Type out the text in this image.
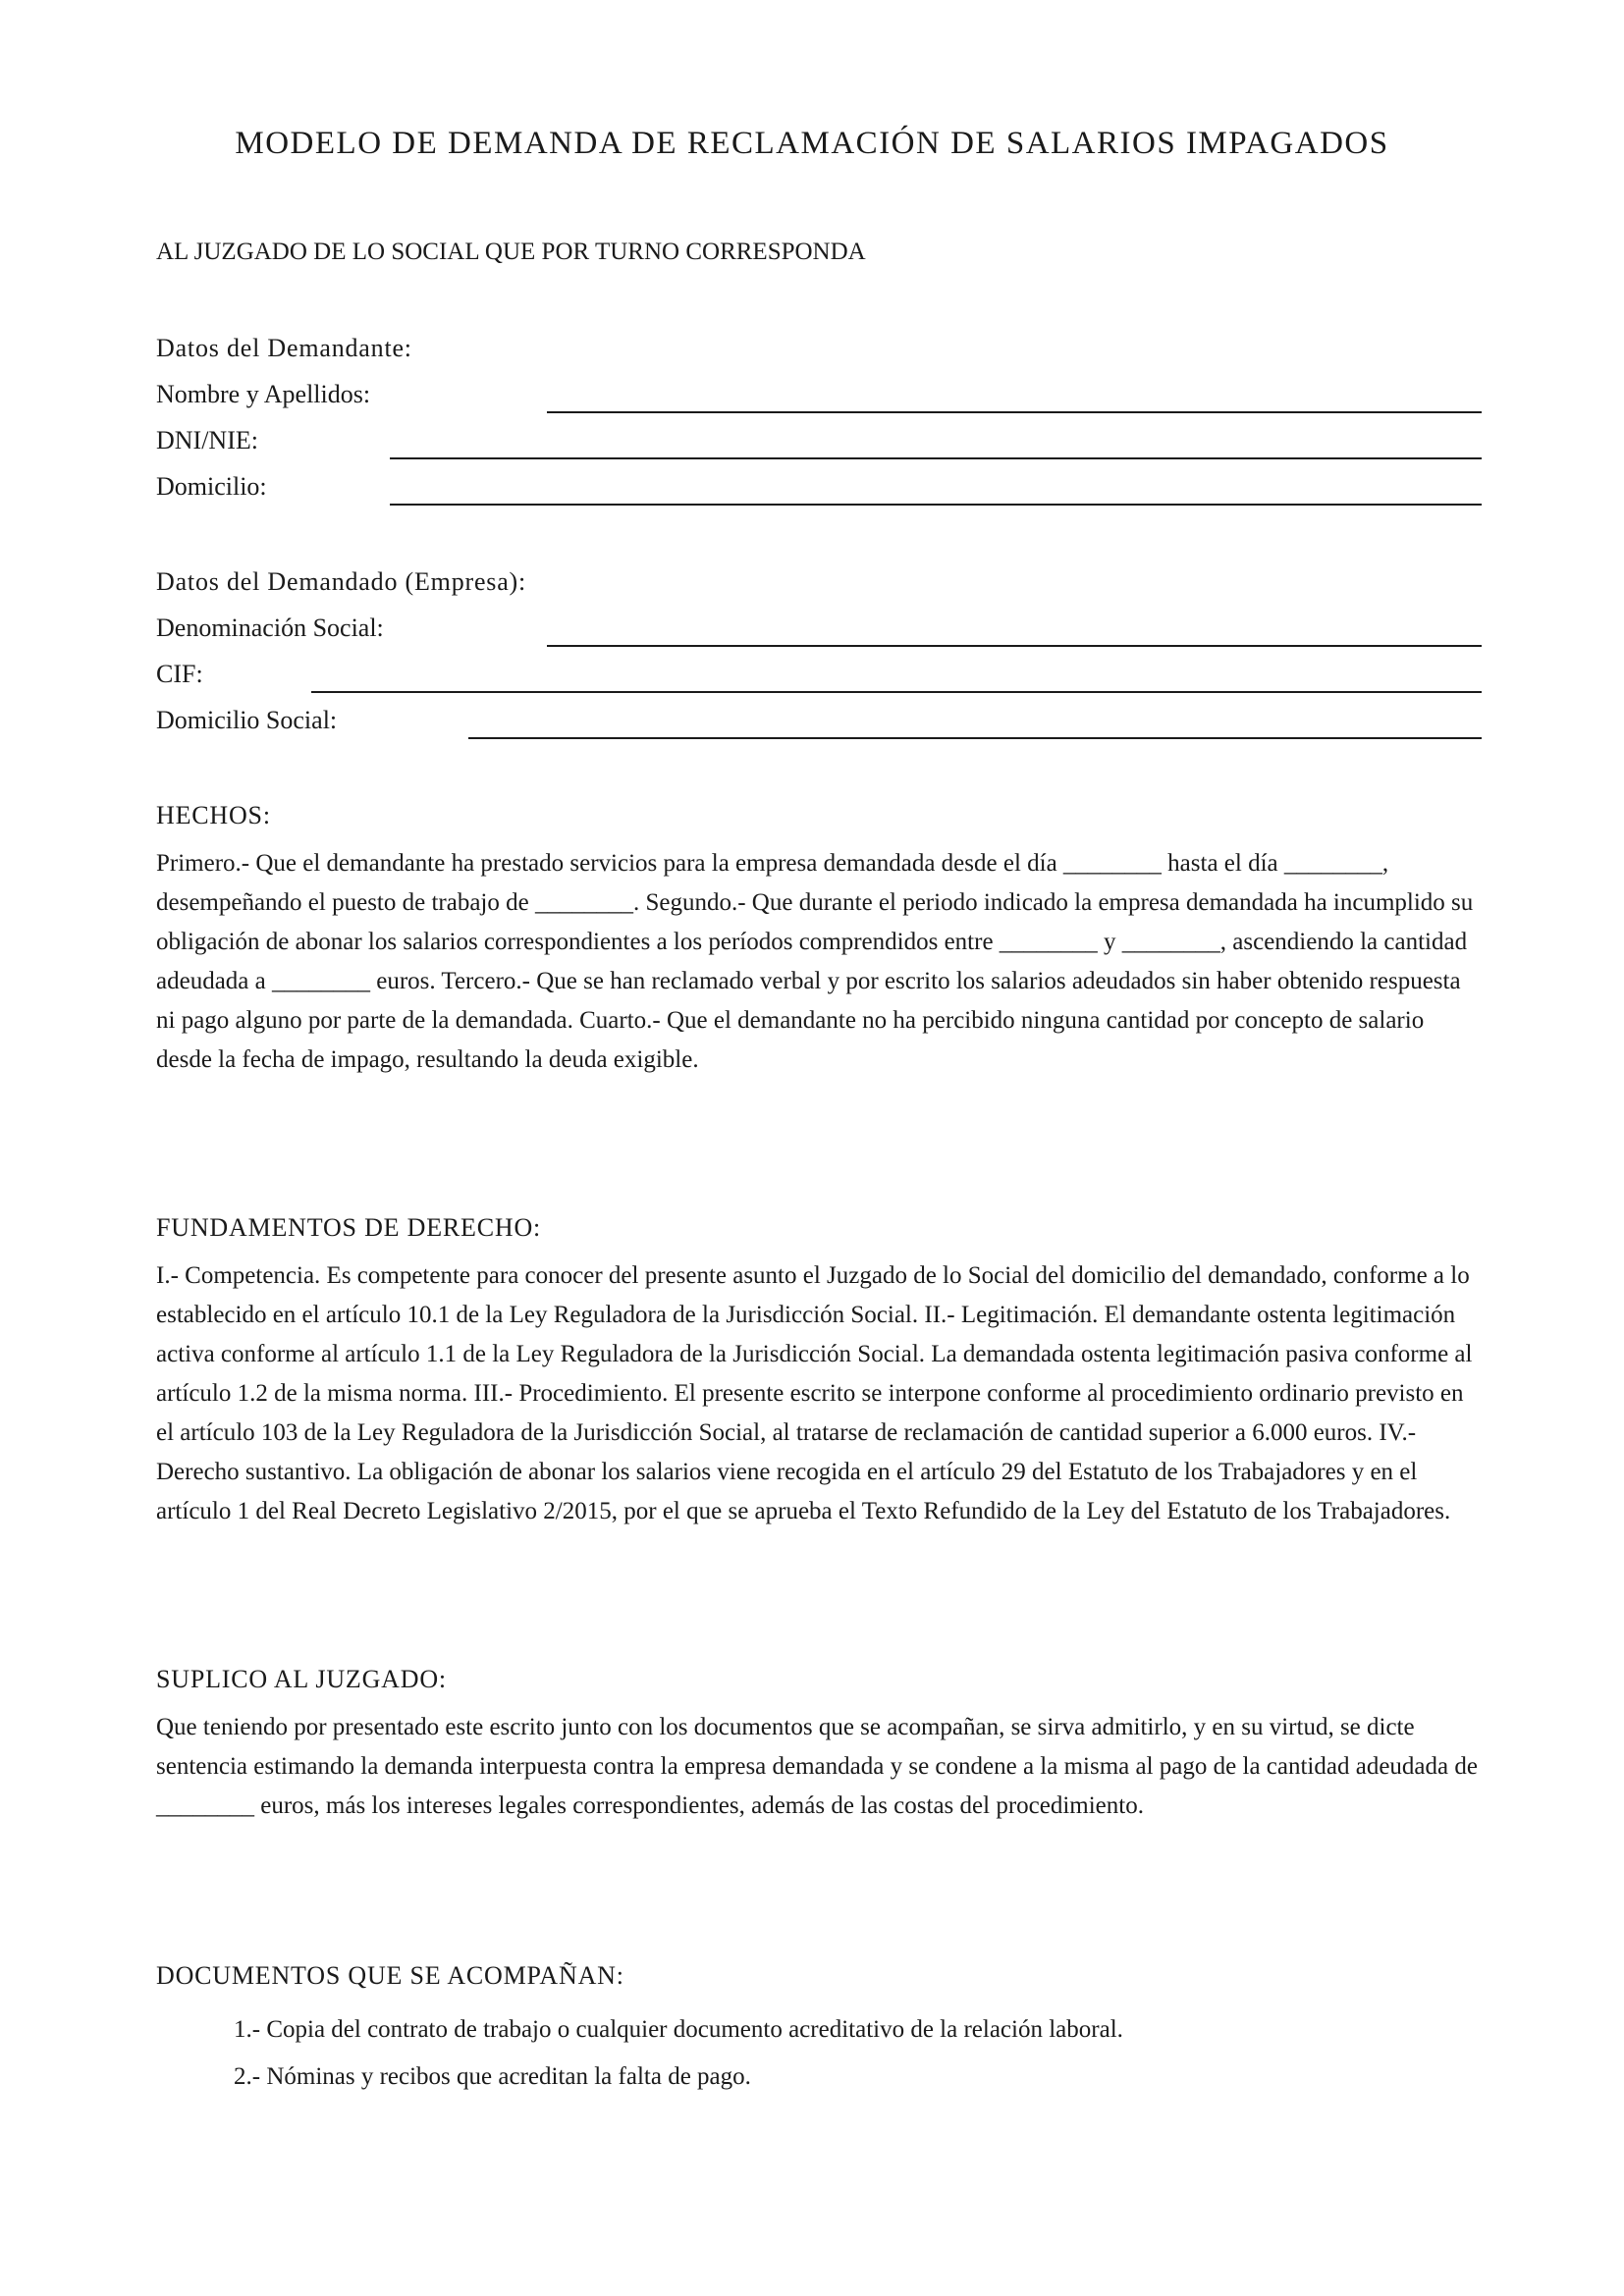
MODELO DE DEMANDA DE RECLAMACIÓN DE SALARIOS IMPAGADOS
AL JUZGADO DE LO SOCIAL QUE POR TURNO CORRESPONDA
Datos del Demandante:
Nombre y Apellidos:
DNI/NIE:
Domicilio:
Datos del Demandado (Empresa):
Denominación Social:
CIF:
Domicilio Social:
HECHOS:
Primero.- Que el demandante ha prestado servicios para la empresa demandada desde el día ________ hasta el día ________, desempeñando el puesto de trabajo de ________. Segundo.- Que durante el periodo indicado la empresa demandada ha incumplido su obligación de abonar los salarios correspondientes a los períodos comprendidos entre ________ y ________, ascendiendo la cantidad adeudada a ________ euros. Tercero.- Que se han reclamado verbal y por escrito los salarios adeudados sin haber obtenido respuesta ni pago alguno por parte de la demandada. Cuarto.- Que el demandante no ha percibido ninguna cantidad por concepto de salario desde la fecha de impago, resultando la deuda exigible.
FUNDAMENTOS DE DERECHO:
I.- Competencia. Es competente para conocer del presente asunto el Juzgado de lo Social del domicilio del demandado, conforme a lo establecido en el artículo 10.1 de la Ley Reguladora de la Jurisdicción Social. II.- Legitimación. El demandante ostenta legitimación activa conforme al artículo 1.1 de la Ley Reguladora de la Jurisdicción Social. La demandada ostenta legitimación pasiva conforme al artículo 1.2 de la misma norma. III.- Procedimiento. El presente escrito se interpone conforme al procedimiento ordinario previsto en el artículo 103 de la Ley Reguladora de la Jurisdicción Social, al tratarse de reclamación de cantidad superior a 6.000 euros. IV.- Derecho sustantivo. La obligación de abonar los salarios viene recogida en el artículo 29 del Estatuto de los Trabajadores y en el artículo 1 del Real Decreto Legislativo 2/2015, por el que se aprueba el Texto Refundido de la Ley del Estatuto de los Trabajadores.
SUPLICO AL JUZGADO:
Que teniendo por presentado este escrito junto con los documentos que se acompañan, se sirva admitirlo, y en su virtud, se dicte sentencia estimando la demanda interpuesta contra la empresa demandada y se condene a la misma al pago de la cantidad adeudada de ________ euros, más los intereses legales correspondientes, además de las costas del procedimiento.
DOCUMENTOS QUE SE ACOMPAÑAN:
1.- Copia del contrato de trabajo o cualquier documento acreditativo de la relación laboral.
2.- Nóminas y recibos que acreditan la falta de pago.
